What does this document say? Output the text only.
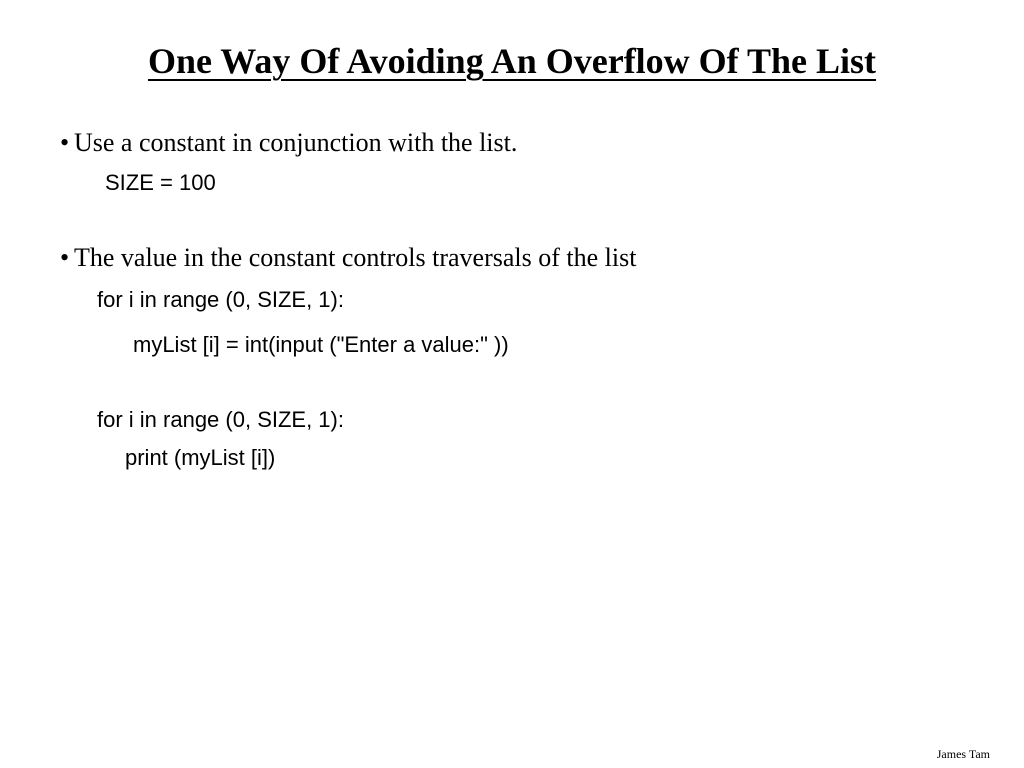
One Way Of Avoiding An Overflow Of The List
• Use a constant in conjunction with the list.
SIZE = 100
• The value in the constant controls traversals of the list
for i in range (0, SIZE, 1):
myList [i] = int(input ("Enter a value:" ))
for i in range (0, SIZE, 1):
print (myList [i])
James Tam
